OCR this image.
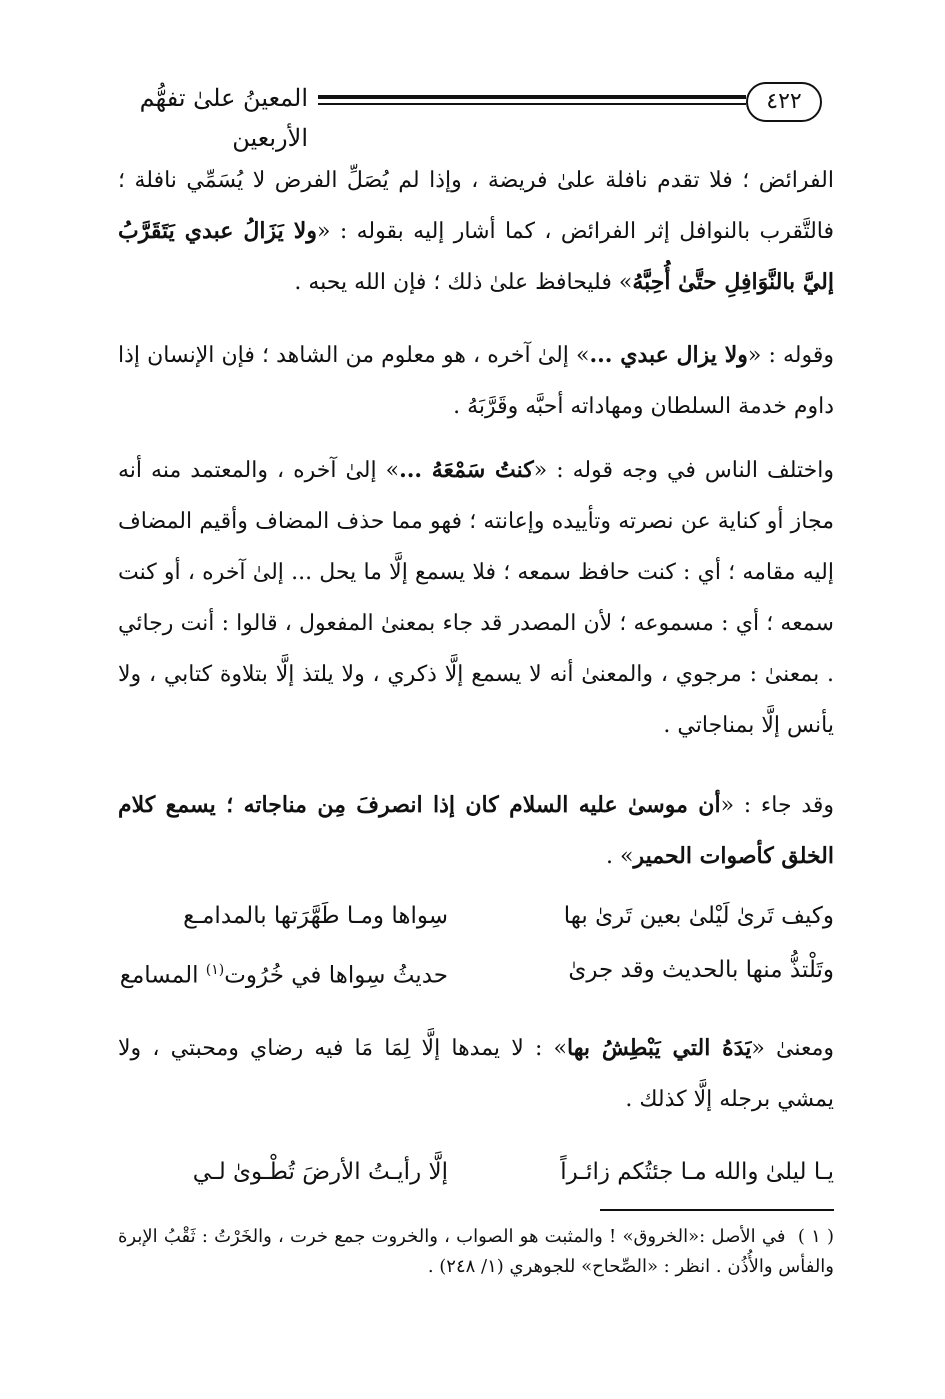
المعينُ علىٰ تفهُّم الأربعين
٤٢٢

الفرائض ؛ فلا تقدم نافلة علىٰ فريضة ، وإذا لم يُصَلِّ الفرض لا يُسَمِّي نافلة ؛ فالتَّقرب بالنوافل إثر الفرائض ، كما أشار إليه بقوله : «ولا يَزَالُ عبدي يَتَقَرَّبُ إليَّ بالنَّوَافِلِ حتَّىٰ أُحِبَّهُ» فليحافظ علىٰ ذلك ؛ فإن الله يحبه .

وقوله : «ولا يزال عبدي ...» إلىٰ آخره ، هو معلوم من الشاهد ؛ فإن الإنسان إذا داوم خدمة السلطان ومهاداته أحبَّه وقَرَّبَهُ .

واختلف الناس في وجه قوله : «كنتُ سَمْعَهُ ...» إلىٰ آخره ، والمعتمد منه أنه مجاز أو كناية عن نصرته وتأييده وإعانته ؛ فهو مما حذف المضاف وأقيم المضاف إليه مقامه ؛ أي : كنت حافظ سمعه ؛ فلا يسمع إلَّا ما يحل ... إلىٰ آخره ، أو كنت سمعه ؛ أي : مسموعه ؛ لأن المصدر قد جاء بمعنىٰ المفعول ، قالوا : أنت رجائي . بمعنىٰ : مرجوي ، والمعنىٰ أنه لا يسمع إلَّا ذكري ، ولا يلتذ إلَّا بتلاوة كتابي ، ولا يأنس إلَّا بمناجاتي .

وقد جاء : «أن موسىٰ عليه السلام كان إذا انصرفَ مِن مناجاته ؛ يسمع كلام الخلق كأصوات الحمير» .

وكيف تَرىٰ لَيْلىٰ بعين تَرىٰ بها
سِواها ومـا طَهَّرَتها بالمدامـع
وتَلْتذُّ منها بالحديث وقد جرىٰ
حديثُ سِواها في خُرُوت$^{(١)}$ المسامع

ومعنىٰ «يَدَهُ التي يَبْطِشُ بها» : لا يمدها إلَّا لِمَا مَا فيه رضاي ومحبتي ، ولا يمشي برجله إلَّا كذلك .

يـا ليلىٰ والله مـا جئتُكم زائـراً
إلَّا رأيـتُ الأرضَ تُطْـوىٰ لـي

( ١ )  في الأصل :«الخروق» ! والمثبت هو الصواب ، والخروت جمع خرت ، والخَرْتُ : ثَقْبُ الإبرة والفأس والأُذُن . انظر : «الصِّحاح» للجوهري (١/ ٢٤٨) .
